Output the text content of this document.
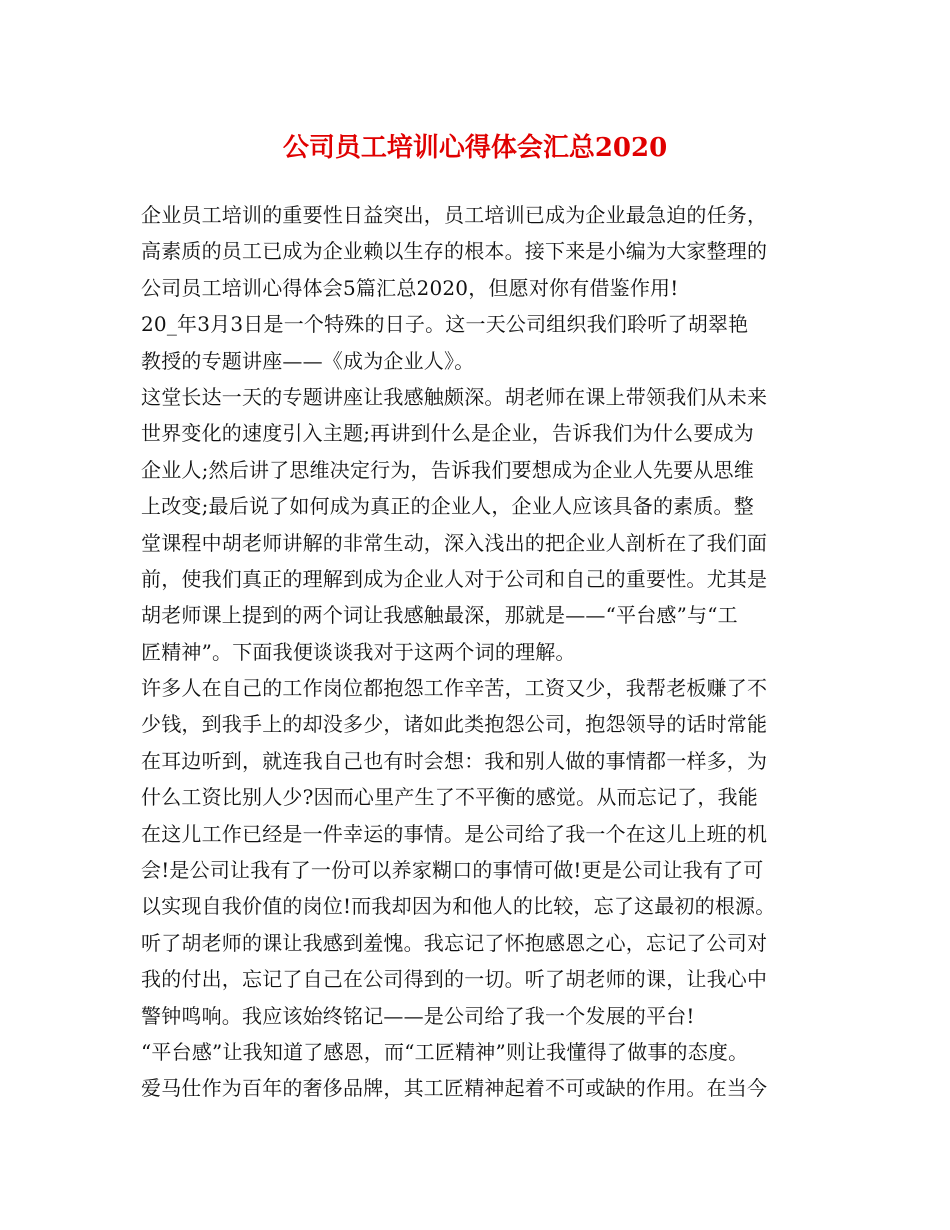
公司员工培训心得体会汇总2020
企业员工培训的重要性日益突出，员工培训已成为企业最急迫的任务，
高素质的员工已成为企业赖以生存的根本。接下来是小编为大家整理的
公司员工培训心得体会5篇汇总2020，但愿对你有借鉴作用!
20_年3月3日是一个特殊的日子。这一天公司组织我们聆听了胡翠艳
教授的专题讲座——《成为企业人》。
这堂长达一天的专题讲座让我感触颇深。胡老师在课上带领我们从未来
世界变化的速度引入主题;再讲到什么是企业，告诉我们为什么要成为
企业人;然后讲了思维决定行为，告诉我们要想成为企业人先要从思维
上改变;最后说了如何成为真正的企业人，企业人应该具备的素质。整
堂课程中胡老师讲解的非常生动，深入浅出的把企业人剖析在了我们面
前，使我们真正的理解到成为企业人对于公司和自己的重要性。尤其是
胡老师课上提到的两个词让我感触最深，那就是——“平台感”与“工
匠精神”。下面我便谈谈我对于这两个词的理解。
许多人在自己的工作岗位都抱怨工作辛苦，工资又少，我帮老板赚了不
少钱，到我手上的却没多少，诸如此类抱怨公司，抱怨领导的话时常能
在耳边听到，就连我自己也有时会想：我和别人做的事情都一样多，为
什么工资比别人少?因而心里产生了不平衡的感觉。从而忘记了，我能
在这儿工作已经是一件幸运的事情。是公司给了我一个在这儿上班的机
会!是公司让我有了一份可以养家糊口的事情可做!更是公司让我有了可
以实现自我价值的岗位!而我却因为和他人的比较，忘了这最初的根源。
听了胡老师的课让我感到羞愧。我忘记了怀抱感恩之心，忘记了公司对
我的付出，忘记了自己在公司得到的一切。听了胡老师的课，让我心中
警钟鸣响。我应该始终铭记——是公司给了我一个发展的平台!
“平台感”让我知道了感恩，而“工匠精神”则让我懂得了做事的态度。
爱马仕作为百年的奢侈品牌，其工匠精神起着不可或缺的作用。在当今
